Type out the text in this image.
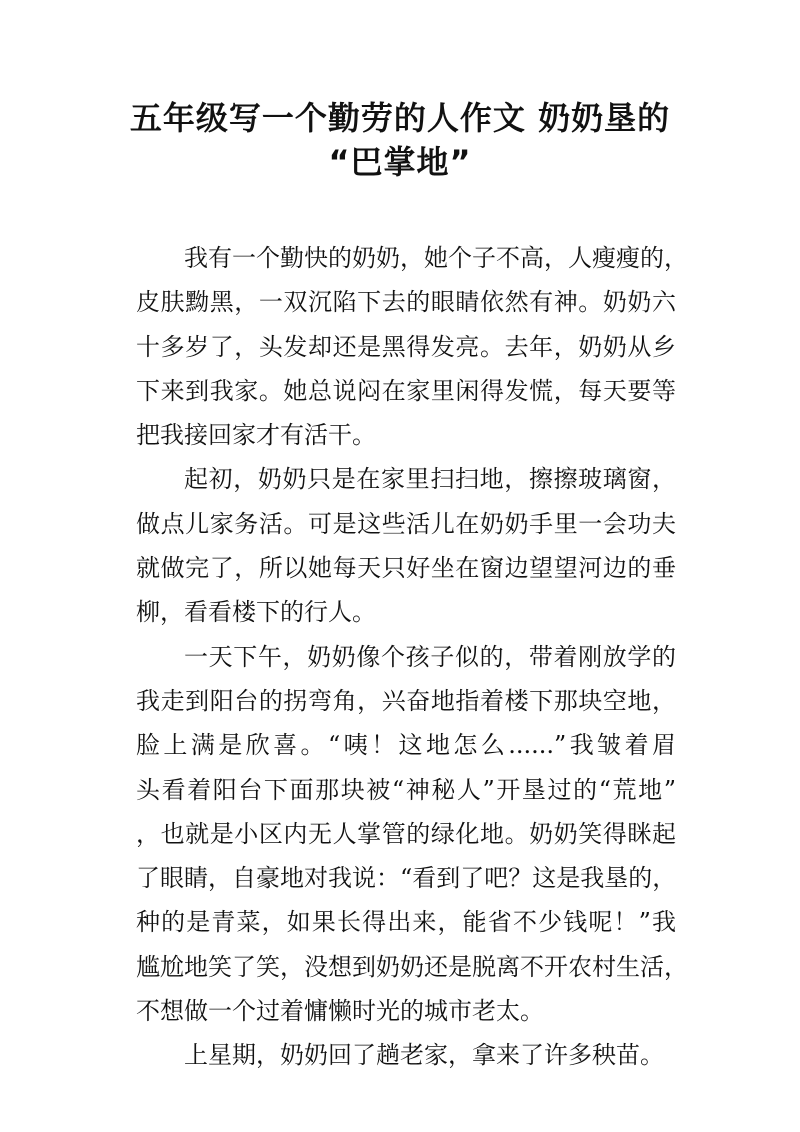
五年级写一个勤劳的人作文 奶奶垦的
“巴掌地”
我有一个勤快的奶奶，她个子不高，人瘦瘦的，
皮肤黝黑，一双沉陷下去的眼睛依然有神。奶奶六
十多岁了，头发却还是黑得发亮。去年，奶奶从乡
下来到我家。她总说闷在家里闲得发慌，每天要等
把我接回家才有活干。
起初，奶奶只是在家里扫扫地，擦擦玻璃窗，
做点儿家务活。可是这些活儿在奶奶手里一会功夫
就做完了，所以她每天只好坐在窗边望望河边的垂
柳，看看楼下的行人。
一天下午，奶奶像个孩子似的，带着刚放学的
我走到阳台的拐弯角，兴奋地指着楼下那块空地，
脸上满是欣喜。“咦！这地怎么......”我皱着眉
头看着阳台下面那块被“神秘人”开垦过的“荒地”
，也就是小区内无人掌管的绿化地。奶奶笑得眯起
了眼睛，自豪地对我说：“看到了吧？这是我垦的，
种的是青菜，如果长得出来，能省不少钱呢！”我
尴尬地笑了笑，没想到奶奶还是脱离不开农村生活，
不想做一个过着慵懒时光的城市老太。
上星期，奶奶回了趟老家，拿来了许多秧苗。
